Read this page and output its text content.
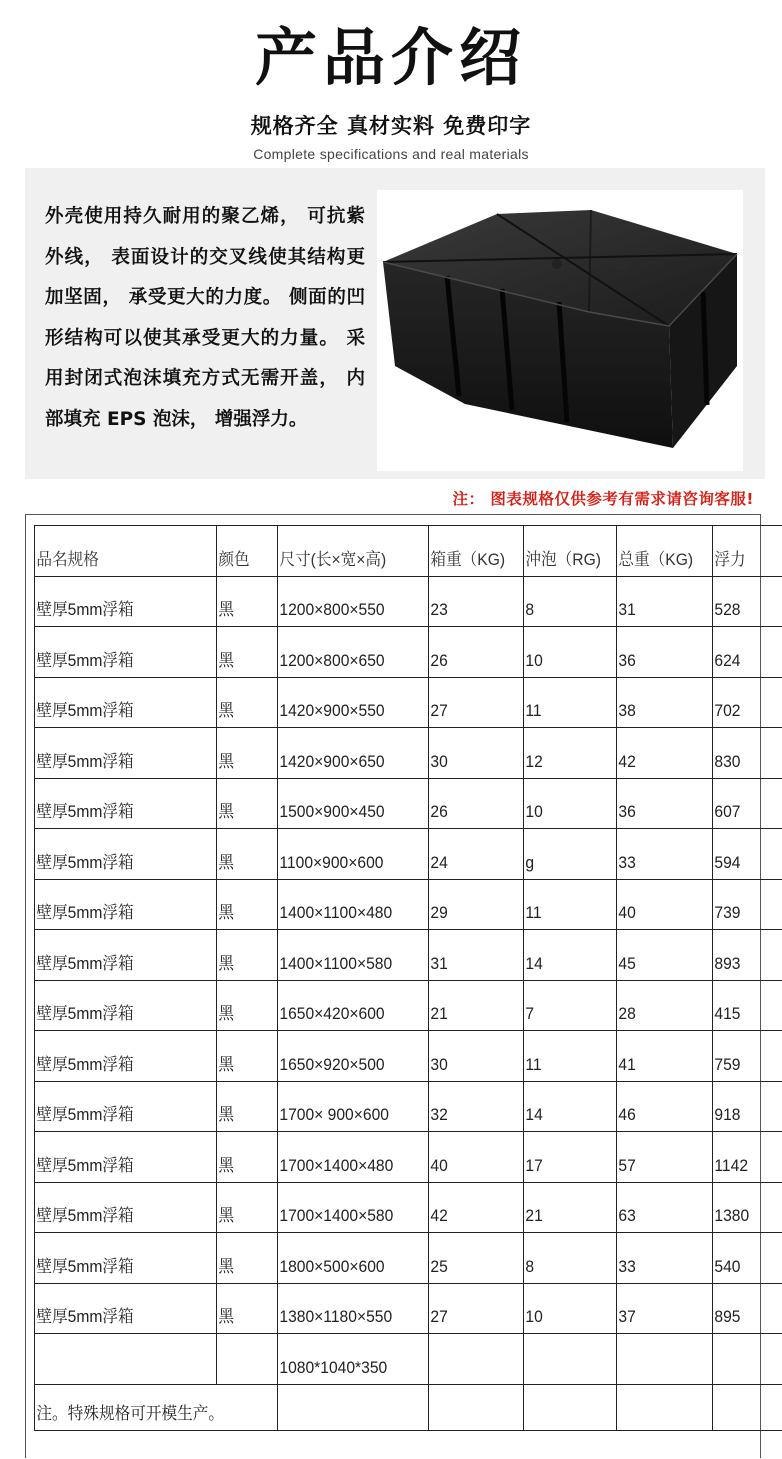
产品介绍
规格齐全 真材实料 免费印字
Complete specifications and real materials
外壳使用持久耐用的聚乙烯， 可抗紫外线， 表面设计的交叉线使其结构更加坚固， 承受更大的力度。 侧面的凹形结构可以使其承受更大的力量。 采用封闭式泡沫填充方式无需开盖， 内部填充 EPS 泡沫， 增强浮力。
注： 图表规格仅供参考有需求请咨询客服!
品名规格	颜色	尺寸(长×宽×高)	箱重（KG)	沖泡（RG)	总重（KG)	浮力
壁厚5mm浮箱	黑	1200×800×550	23	8	31	528
壁厚5mm浮箱	黑	1200×800×650	26	10	36	624
壁厚5mm浮箱	黑	1420×900×550	27	11	38	702
壁厚5mm浮箱	黑	1420×900×650	30	12	42	830
壁厚5mm浮箱	黑	1500×900×450	26	10	36	607
壁厚5mm浮箱	黑	1100×900×600	24	g	33	594
壁厚5mm浮箱	黑	1400×1100×480	29	11	40	739
壁厚5mm浮箱	黑	1400×1100×580	31	14	45	893
壁厚5mm浮箱	黑	1650×420×600	21	7	28	415
壁厚5mm浮箱	黑	1650×920×500	30	11	41	759
壁厚5mm浮箱	黑	1700× 900×600	32	14	46	918
壁厚5mm浮箱	黑	1700×1400×480	40	17	57	1142
壁厚5mm浮箱	黑	1700×1400×580	42	21	63	1380
壁厚5mm浮箱	黑	1800×500×600	25	8	33	540
壁厚5mm浮箱	黑	1380×1180×550	27	10	37	895
		1080*1040*350				
注。特殊规格可开模生产。						
